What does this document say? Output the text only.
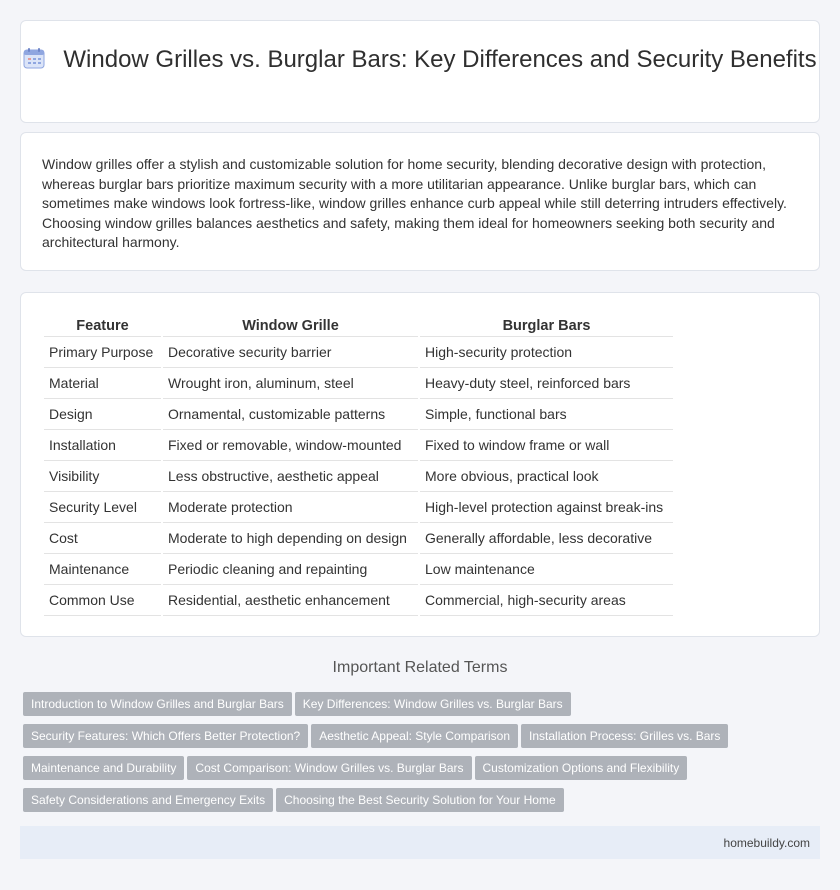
Window Grilles vs. Burglar Bars: Key Differences and Security Benefits

Window grilles offer a stylish and customizable solution for home security, blending decorative design with protection, whereas burglar bars prioritize maximum security with a more utilitarian appearance. Unlike burglar bars, which can sometimes make windows look fortress-like, window grilles enhance curb appeal while still deterring intruders effectively. Choosing window grilles balances aesthetics and safety, making them ideal for homeowners seeking both security and architectural harmony.

Feature	Window Grille	Burglar Bars
Primary Purpose	Decorative security barrier	High-security protection
Material	Wrought iron, aluminum, steel	Heavy-duty steel, reinforced bars
Design	Ornamental, customizable patterns	Simple, functional bars
Installation	Fixed or removable, window-mounted	Fixed to window frame or wall
Visibility	Less obstructive, aesthetic appeal	More obvious, practical look
Security Level	Moderate protection	High-level protection against break-ins
Cost	Moderate to high depending on design	Generally affordable, less decorative
Maintenance	Periodic cleaning and repainting	Low maintenance
Common Use	Residential, aesthetic enhancement	Commercial, high-security areas
Important Related Terms
Introduction to Window Grilles and Burglar Bars Key Differences: Window Grilles vs. Burglar Bars
Security Features: Which Offers Better Protection? Aesthetic Appeal: Style Comparison Installation Process: Grilles vs. Bars
Maintenance and Durability Cost Comparison: Window Grilles vs. Burglar Bars Customization Options and Flexibility
Safety Considerations and Emergency Exits Choosing the Best Security Solution for Your Home
homebuildy.com
